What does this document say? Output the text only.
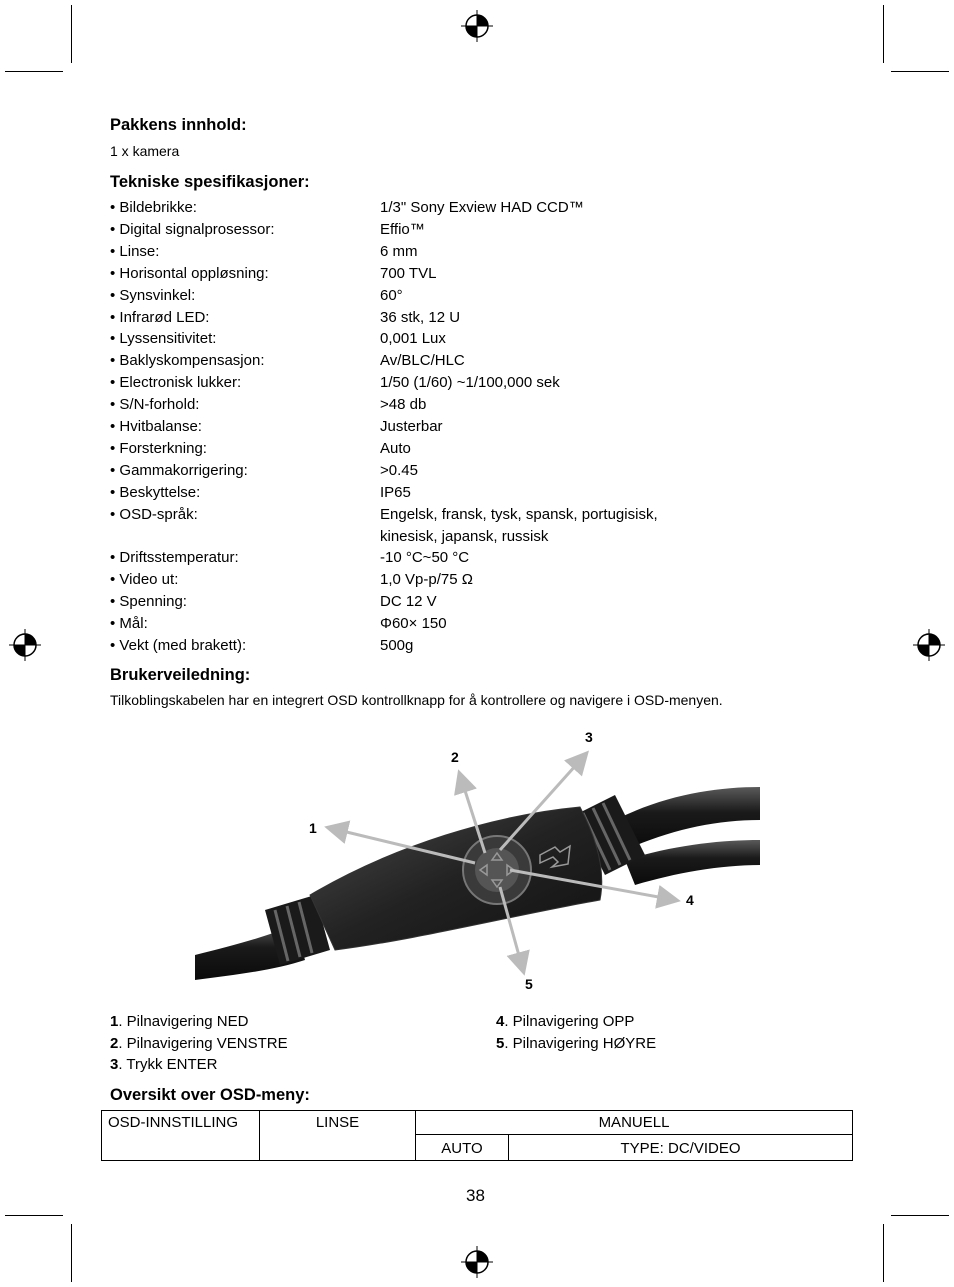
Pakkens innhold:
1 x kamera
Tekniske spesifikasjoner:
• Bildebrikke:	1/3" Sony Exview HAD CCD™
• Digital signalprosessor:	Effio™
• Linse:	6 mm
• Horisontal oppløsning:	700 TVL
• Synsvinkel:	60°
• Infrarød LED:	36 stk, 12 U
• Lyssensitivitet:	0,001 Lux
• Baklyskompensasjon:	Av/BLC/HLC
• Electronisk lukker:	1/50 (1/60) ~1/100,000 sek
• S/N-forhold:	>48 db
• Hvitbalanse:	Justerbar
• Forsterkning:	Auto
• Gammakorrigering:	>0.45
• Beskyttelse:	IP65
• OSD-språk:	Engelsk, fransk, tysk, spansk, portugisisk,
kinesisk, japansk, russisk
• Driftsstemperatur:	-10 °C~50 °C
• Video ut:	1,0 Vp-p/75 Ω
• Spenning:	DC 12 V
• Mål:	Φ60× 150
• Vekt (med brakett):	500g
Brukerveiledning:
Tilkoblingskabelen har en integrert OSD kontrollknapp for å kontrollere og navigere i OSD-menyen.
1
2
3
4
5
1. Pilnavigering NED
2. Pilnavigering VENSTRE
3. Trykk ENTER
4. Pilnavigering OPP
5. Pilnavigering HØYRE
Oversikt over OSD-meny:
OSD-INNSTILLING	LINSE	MANUELL	
		AUTO	TYPE: DC/VIDEO
38
